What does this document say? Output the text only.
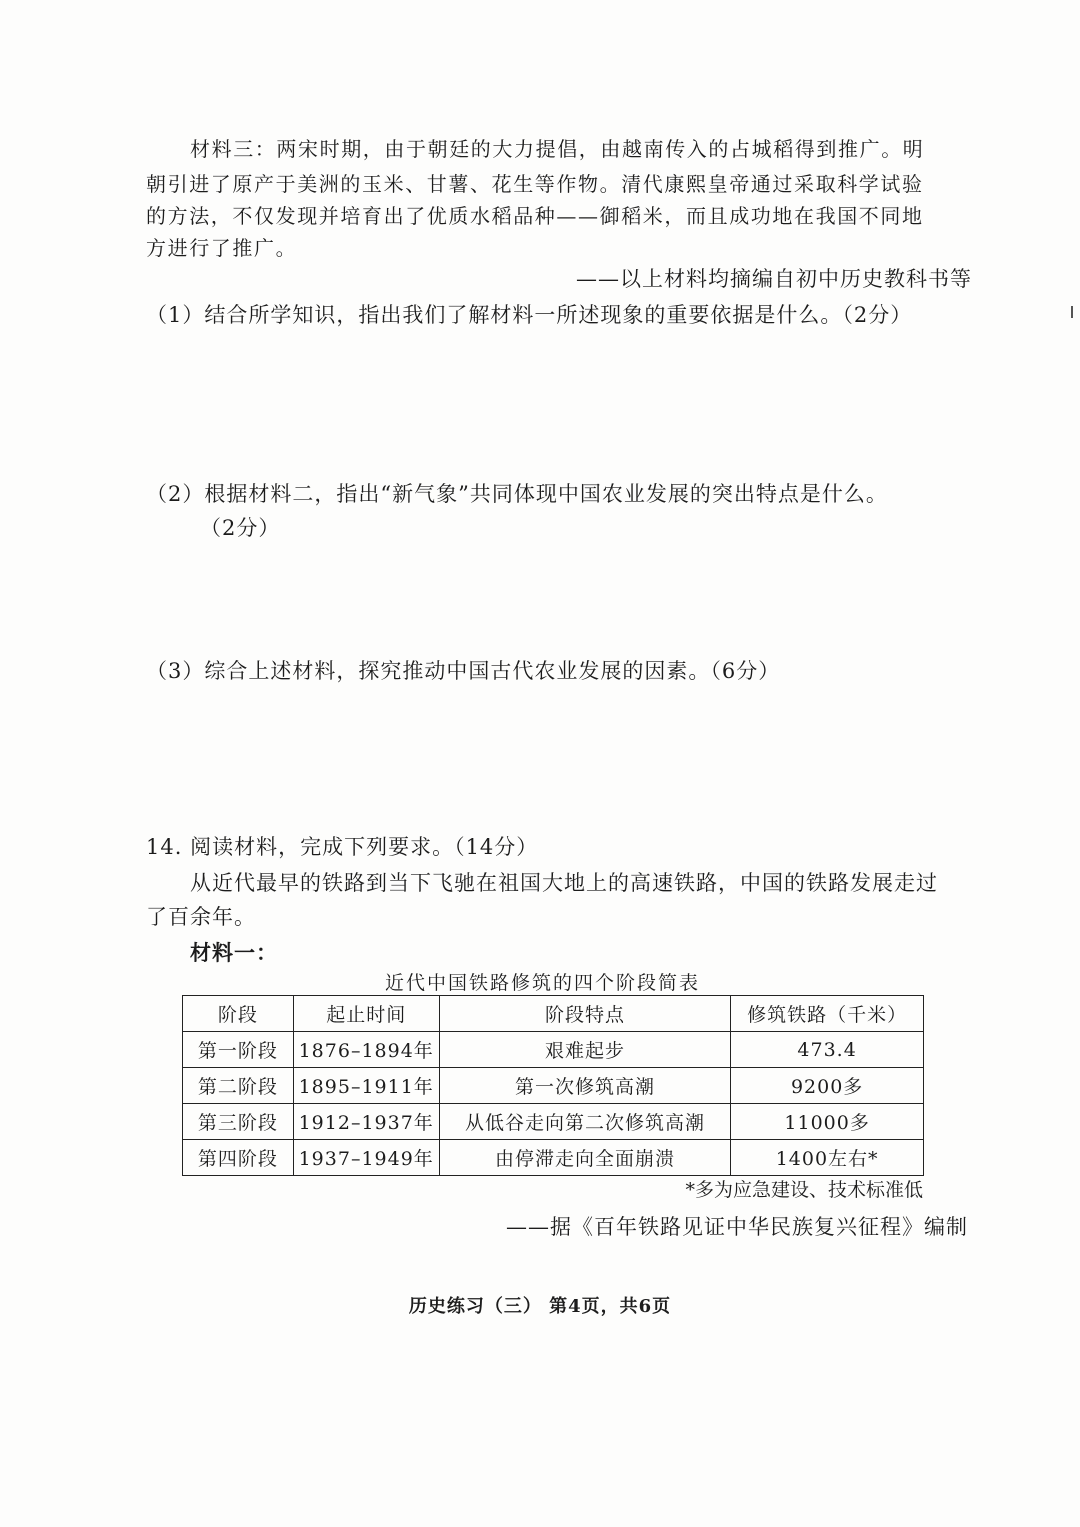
材料三：两宋时期，由于朝廷的大力提倡，由越南传入的占城稻得到推广。明
朝引进了原产于美洲的玉米、甘薯、花生等作物。清代康熙皇帝通过采取科学试验
的方法，不仅发现并培育出了优质水稻品种——御稻米，而且成功地在我国不同地
方进行了推广。
——以上材料均摘编自初中历史教科书等
（1）结合所学知识，指出我们了解材料一所述现象的重要依据是什么。（2分）
（2）根据材料二，指出“新气象”共同体现中国农业发展的突出特点是什么。
（2分）
（3）综合上述材料，探究推动中国古代农业发展的因素。（6分）
14. 阅读材料，完成下列要求。（14分）
从近代最早的铁路到当下飞驰在祖国大地上的高速铁路，中国的铁路发展走过
了百余年。
材料一：
近代中国铁路修筑的四个阶段简表
阶段	起止时间	阶段特点	修筑铁路（千米）
第一阶段	1876–1894年	艰难起步	473.4
第二阶段	1895–1911年	第一次修筑高潮	9200多
第三阶段	1912–1937年	从低谷走向第二次修筑高潮	11000多
第四阶段	1937–1949年	由停滞走向全面崩溃	1400左右*
*多为应急建设、技术标准低
——据《百年铁路见证中华民族复兴征程》编制
历史练习（三） 第4页，共6页
